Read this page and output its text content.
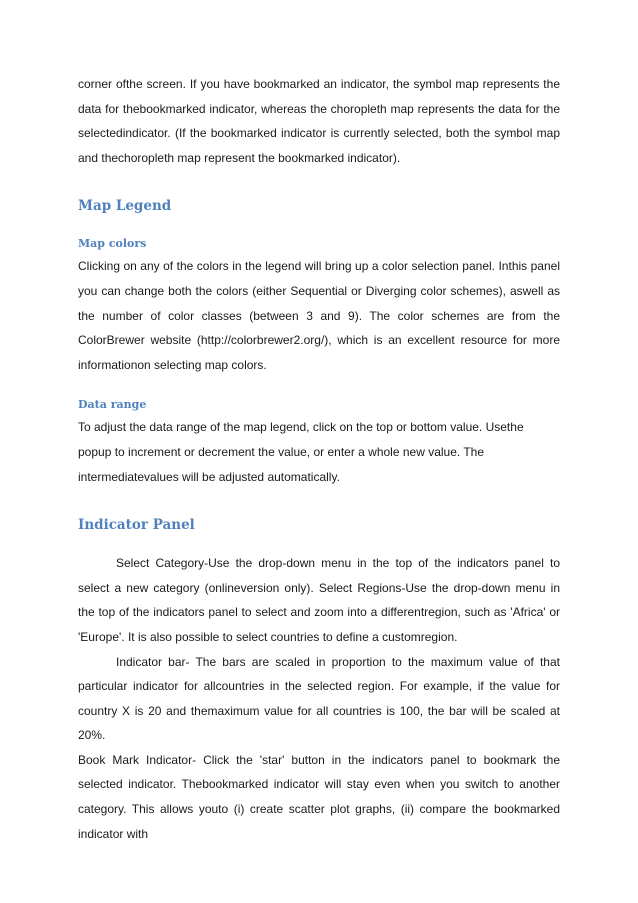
corner ofthe screen. If you have bookmarked an indicator, the symbol map represents the data for thebookmarked indicator, whereas the choropleth map represents the data for the selectedindicator. (If the bookmarked indicator is currently selected, both the symbol map and thechoropleth map represent the bookmarked indicator).

Map Legend
Map colors

Clicking on any of the colors in the legend will bring up a color selection panel. Inthis panel you can change both the colors (either Sequential or Diverging color schemes), aswell as the number of color classes (between 3 and 9). The color schemes are from the ColorBrewer website (http://colorbrewer2.org/), which is an excellent resource for more informationon selecting map colors.

Data range

To adjust the data range of the map legend, click on the top or bottom value. Usethe popup to increment or decrement the value, or enter a whole new value. The intermediatevalues will be adjusted automatically.

Indicator Panel

Select Category-Use the drop-down menu in the top of the indicators panel to select a new category (onlineversion only). Select Regions-Use the drop-down menu in the top of the indicators panel to select and zoom into a differentregion, such as 'Africa' or 'Europe'. It is also possible to select countries to define a customregion.

Indicator bar- The bars are scaled in proportion to the maximum value of that particular indicator for allcountries in the selected region. For example, if the value for country X is 20 and themaximum value for all countries is 100, the bar will be scaled at 20%.

Book Mark Indicator- Click the 'star' button in the indicators panel to bookmark the selected indicator. Thebookmarked indicator will stay even when you switch to another category. This allows youto (i) create scatter plot graphs, (ii) compare the bookmarked indicator with
